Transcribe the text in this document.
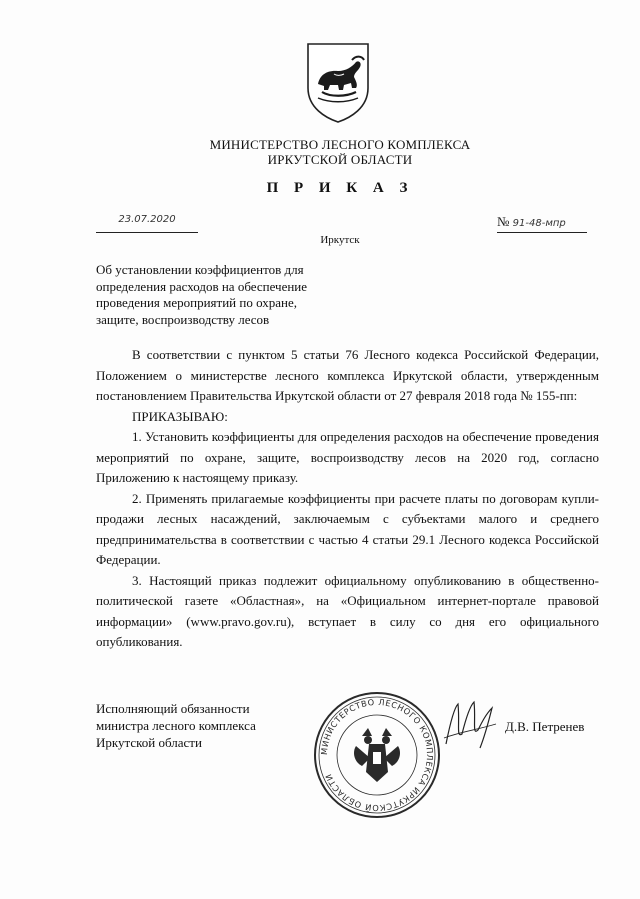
МИНИСТЕРСТВО ЛЕСНОГО КОМПЛЕКСА
ИРКУТСКОЙ ОБЛАСТИ
П Р И К А З
23.07.2020	№ 91-48-мпр
Иркутск
Об установлении коэффициентов для
определения расходов на обеспечение
проведения мероприятий по охране,
защите, воспроизводству лесов

В соответствии с пунктом 5 статьи 76 Лесного кодекса Российской Федерации, Положением о министерстве лесного комплекса Иркутской области, утвержденным постановлением Правительства Иркутской области от 27 февраля 2018 года № 155-пп:

ПРИКАЗЫВАЮ:

1. Установить коэффициенты для определения расходов на обеспечение проведения мероприятий по охране, защите, воспроизводству лесов на 2020 год, согласно Приложению к настоящему приказу.

2. Применять прилагаемые коэффициенты при расчете платы по договорам купли-продажи лесных насаждений, заключаемым с субъектами малого и среднего предпринимательства в соответствии с частью 4 статьи 29.1 Лесного кодекса Российской Федерации.

3. Настоящий приказ подлежит официальному опубликованию в общественно-политической газете «Областная», на «Официальном интернет-портале правовой информации» (www.pravo.gov.ru), вступает в силу со дня его официального опубликования.

Исполняющий обязанности
министра лесного комплекса
Иркутской области
МИНИСТЕРСТВО ЛЕСНОГО КОМПЛЕКСА ИРКУТСКОЙ ОБЛАСТИ
Д.В. Петренев
